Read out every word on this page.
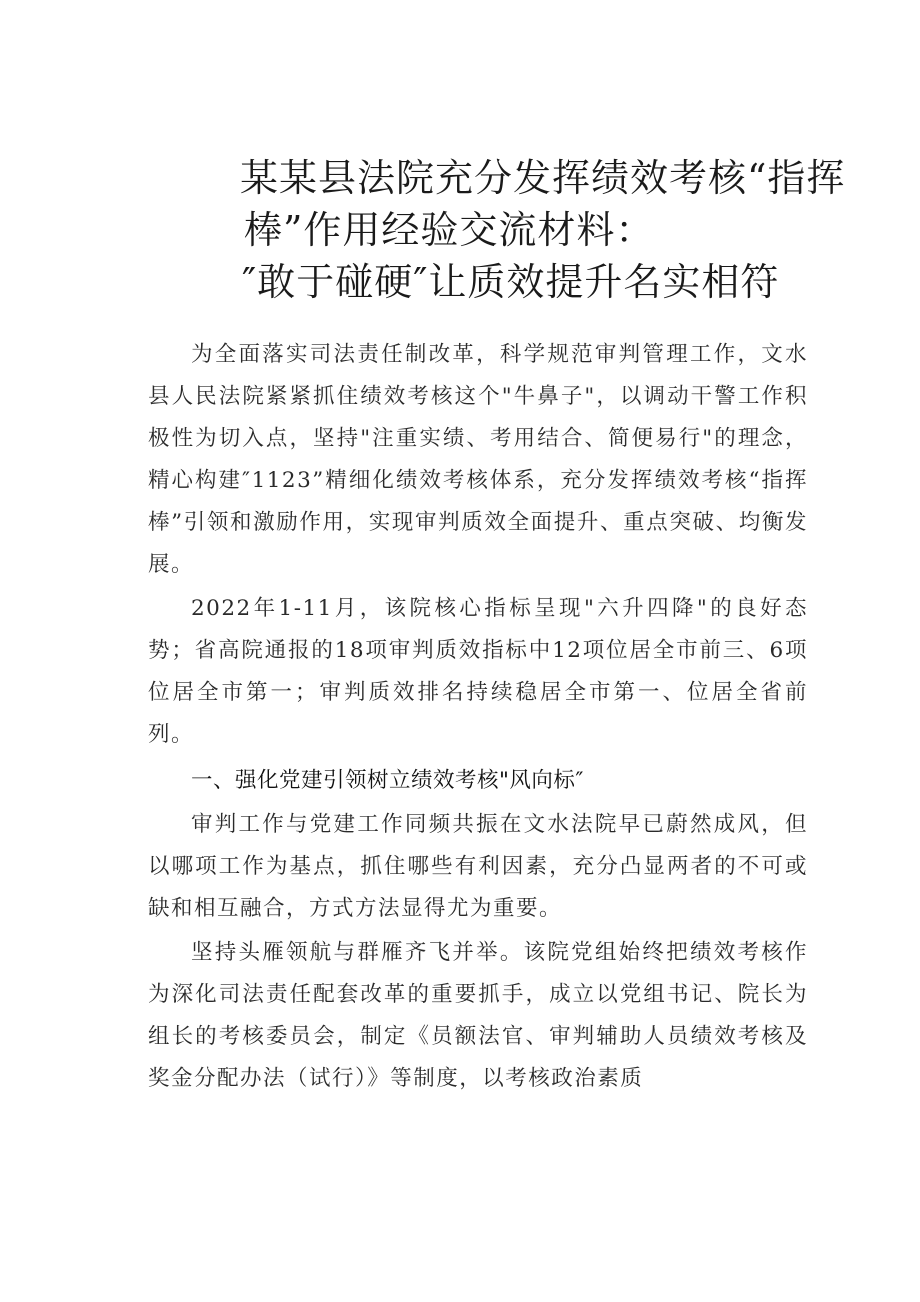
某某县法院充分发挥绩效考核“指挥
棒”作用经验交流材料：
″敢于碰硬″让质效提升名实相符

为全面落实司法责任制改革，科学规范审判管理工作，文水县人民法院紧紧抓住绩效考核这个"牛鼻子"，以调动干警工作积极性为切入点，坚持"注重实绩、考用结合、简便易行"的理念，精心构建″1123”精细化绩效考核体系，充分发挥绩效考核“指挥棒”引领和激励作用，实现审判质效全面提升、重点突破、均衡发展。

2022年1-11月，该院核心指标呈现"六升四降"的良好态势；省高院通报的18项审判质效指标中12项位居全市前三、6项位居全市第一；审判质效排名持续稳居全市第一、位居全省前列。

一、强化党建引领树立绩效考核"风向标″

审判工作与党建工作同频共振在文水法院早已蔚然成风，但以哪项工作为基点，抓住哪些有利因素，充分凸显两者的不可或缺和相互融合，方式方法显得尤为重要。

坚持头雁领航与群雁齐飞并举。该院党组始终把绩效考核作为深化司法责任配套改革的重要抓手，成立以党组书记、院长为组长的考核委员会，制定《员额法官、审判辅助人员绩效考核及奖金分配办法（试行）》等制度，以考核政治素质
